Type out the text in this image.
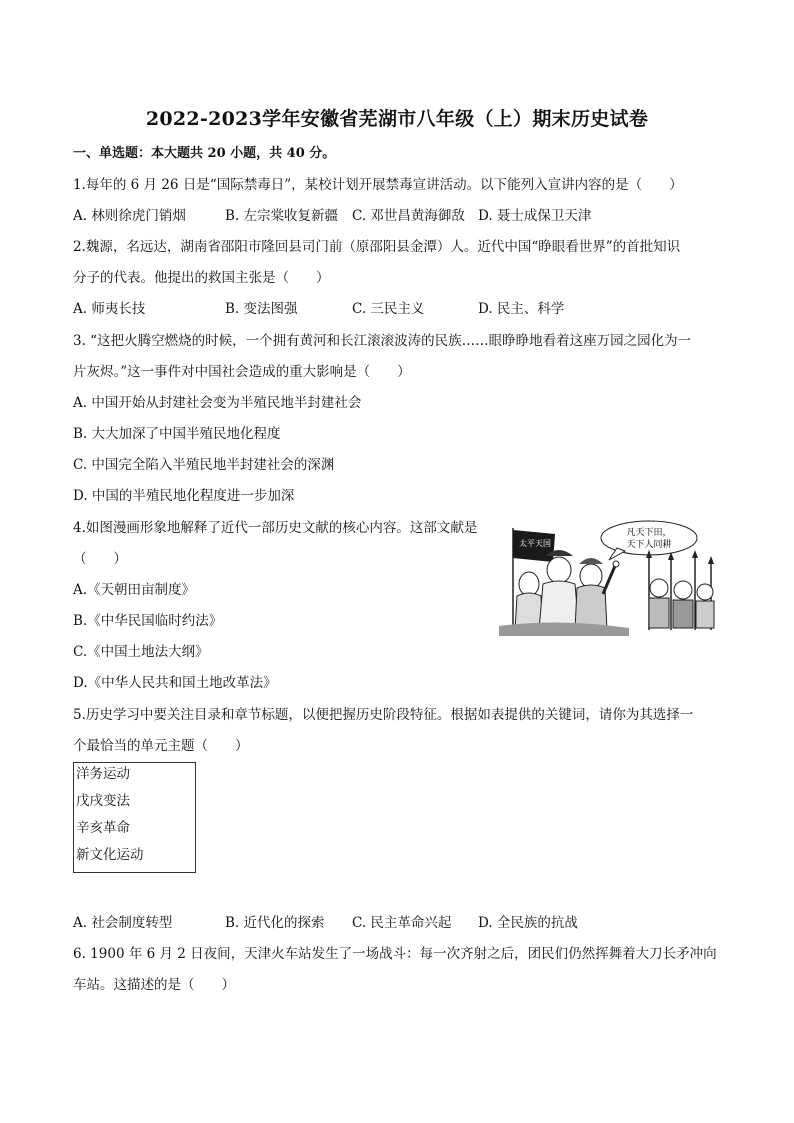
2022-2023学年安徽省芜湖市八年级（上）期末历史试卷
一、单选题：本大题共 20 小题，共 40 分。
1.每年的 6 月 26 日是“国际禁毒日”，某校计划开展禁毒宣讲活动。以下能列入宣讲内容的是（　　）
A. 林则徐虎门销烟	B. 左宗棠收复新疆 C. 邓世昌黄海御敌 D. 聂士成保卫天津
2.魏源，名远达，湖南省邵阳市隆回县司门前（原邵阳县金潭）人。近代中国“睁眼看世界”的首批知识
分子的代表。他提出的救国主张是（　　）
A. 师夷长技	B. 变法图强	C. 三民主义	D. 民主、科学
3. “这把火腾空燃烧的时候，一个拥有黄河和长江滚滚波涛的民族……眼睁睁地看着这座万园之园化为一
片灰烬。”这一事件对中国社会造成的重大影响是（　　）
A. 中国开始从封建社会变为半殖民地半封建社会
B. 大大加深了中国半殖民地化程度
C. 中国完全陷入半殖民地半封建社会的深渊
D. 中国的半殖民地化程度进一步加深
4.如图漫画形象地解释了近代一部历史文献的核心内容。这部文献是
（　　）
A.《天朝田亩制度》
B.《中华民国临时约法》
C.《中国土地法大纲》
D.《中华人民共和国土地改革法》
太平天国
凡天下田，
天下人同耕
5.历史学习中要关注目录和章节标题，以便把握历史阶段特征。根据如表提供的关键词，请你为其选择一
个最恰当的单元主题（　　）
洋务运动
戊戌变法
辛亥革命
新文化运动
A. 社会制度转型	B. 近代化的探索 C. 民主革命兴起 D. 全民族的抗战
6. 1900 年 6 月 2 日夜间，天津火车站发生了一场战斗：每一次齐射之后，团民们仍然挥舞着大刀长矛冲向
车站。这描述的是（　　）
